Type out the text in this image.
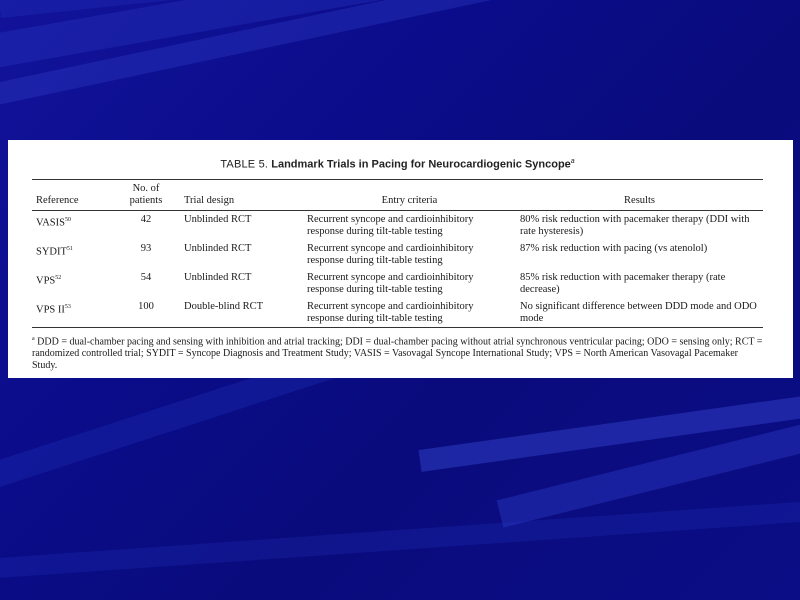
TABLE 5. Landmark Trials in Pacing for Neurocardiogenic Syncope$^a$
Reference	No. of patients	Trial design	Entry criteria	Results
VASIS$^{50}$	42	Unblinded RCT	Recurrent syncope and cardioinhibitory response during tilt-table testing	80% risk reduction with pacemaker therapy (DDI with rate hysteresis)
SYDIT$^{51}$	93	Unblinded RCT	Recurrent syncope and cardioinhibitory response during tilt-table testing	87% risk reduction with pacing (vs atenolol)
VPS$^{52}$	54	Unblinded RCT	Recurrent syncope and cardioinhibitory response during tilt-table testing	85% risk reduction with pacemaker therapy (rate decrease)
VPS II$^{53}$	100	Double-blind RCT	Recurrent syncope and cardioinhibitory response during tilt-table testing	No significant difference between DDD mode and ODO mode
$^a$ DDD = dual-chamber pacing and sensing with inhibition and atrial tracking; DDI = dual-chamber pacing without atrial synchronous ventricular pacing; ODO = sensing only; RCT = randomized controlled trial; SYDIT = Syncope Diagnosis and Treatment Study; VASIS = Vasovagal Syncope International Study; VPS = North American Vasovagal Pacemaker Study.
